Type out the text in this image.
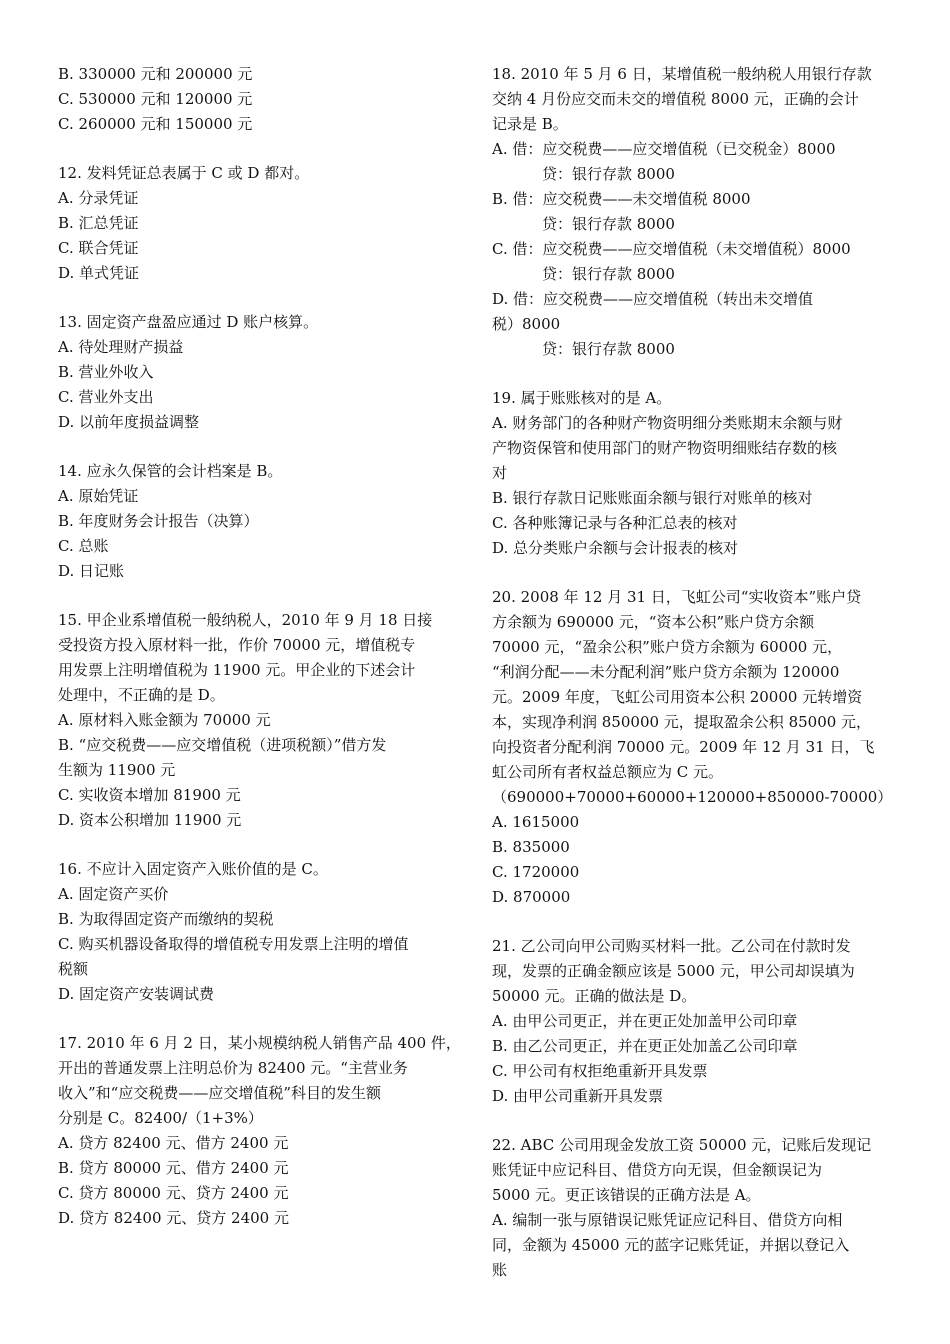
B. 330000 元和 200000 元
C. 530000 元和 120000 元
C. 260000 元和 150000 元
12. 发料凭证总表属于 C 或 D 都对。
A. 分录凭证
B. 汇总凭证
C. 联合凭证
D. 单式凭证
13. 固定资产盘盈应通过 D 账户核算。
A. 待处理财产损益
B. 营业外收入
C. 营业外支出
D. 以前年度损益调整
14. 应永久保管的会计档案是 B。
A. 原始凭证
B. 年度财务会计报告（决算）
C. 总账
D. 日记账
15. 甲企业系增值税一般纳税人，2010 年 9 月 18 日接
受投资方投入原材料一批，作价 70000 元，增值税专
用发票上注明增值税为 11900 元。甲企业的下述会计
处理中，不正确的是 D。
A. 原材料入账金额为 70000 元
B. “应交税费——应交增值税（进项税额）”借方发
生额为 11900 元
C. 实收资本增加 81900 元
D. 资本公积增加 11900 元
16. 不应计入固定资产入账价值的是 C。
A. 固定资产买价
B. 为取得固定资产而缴纳的契税
C. 购买机器设备取得的增值税专用发票上注明的增值
税额
D. 固定资产安装调试费
17. 2010 年 6 月 2 日，某小规模纳税人销售产品 400 件，
开出的普通发票上注明总价为 82400 元。“主营业务
收入”和“应交税费——应交增值税”科目的发生额
分别是 C。82400/（1+3%）
A. 贷方 82400 元、借方 2400 元
B. 贷方 80000 元、借方 2400 元
C. 贷方 80000 元、贷方 2400 元
D. 贷方 82400 元、贷方 2400 元
18. 2010 年 5 月 6 日，某增值税一般纳税人用银行存款
交纳 4 月份应交而未交的增值税 8000 元，正确的会计
记录是 B。
A. 借：应交税费——应交增值税（已交税金）8000
贷：银行存款 8000
B. 借：应交税费——未交增值税 8000
贷：银行存款 8000
C. 借：应交税费——应交增值税（未交增值税）8000
贷：银行存款 8000
D. 借：应交税费——应交增值税（转出未交增值
税）8000
贷：银行存款 8000
19. 属于账账核对的是 A。
A. 财务部门的各种财产物资明细分类账期末余额与财
产物资保管和使用部门的财产物资明细账结存数的核
对
B. 银行存款日记账账面余额与银行对账单的核对
C. 各种账簿记录与各种汇总表的核对
D. 总分类账户余额与会计报表的核对
20. 2008 年 12 月 31 日，飞虹公司“实收资本”账户贷
方余额为 690000 元，“资本公积”账户贷方余额
70000 元，“盈余公积”账户贷方余额为 60000 元，
“利润分配——未分配利润”账户贷方余额为 120000
元。2009 年度，飞虹公司用资本公积 20000 元转增资
本，实现净利润 850000 元，提取盈余公积 85000 元，
向投资者分配利润 70000 元。2009 年 12 月 31 日，飞
虹公司所有者权益总额应为 C 元。
（690000+70000+60000+120000+850000-70000）
A. 1615000
B. 835000
C. 1720000
D. 870000
21. 乙公司向甲公司购买材料一批。乙公司在付款时发
现，发票的正确金额应该是 5000 元，甲公司却误填为
50000 元。正确的做法是 D。
A. 由甲公司更正，并在更正处加盖甲公司印章
B. 由乙公司更正，并在更正处加盖乙公司印章
C. 甲公司有权拒绝重新开具发票
D. 由甲公司重新开具发票
22. ABC 公司用现金发放工资 50000 元，记账后发现记
账凭证中应记科目、借贷方向无误，但金额误记为
5000 元。更正该错误的正确方法是 A。
A. 编制一张与原错误记账凭证应记科目、借贷方向相
同，金额为 45000 元的蓝字记账凭证，并据以登记入
账
